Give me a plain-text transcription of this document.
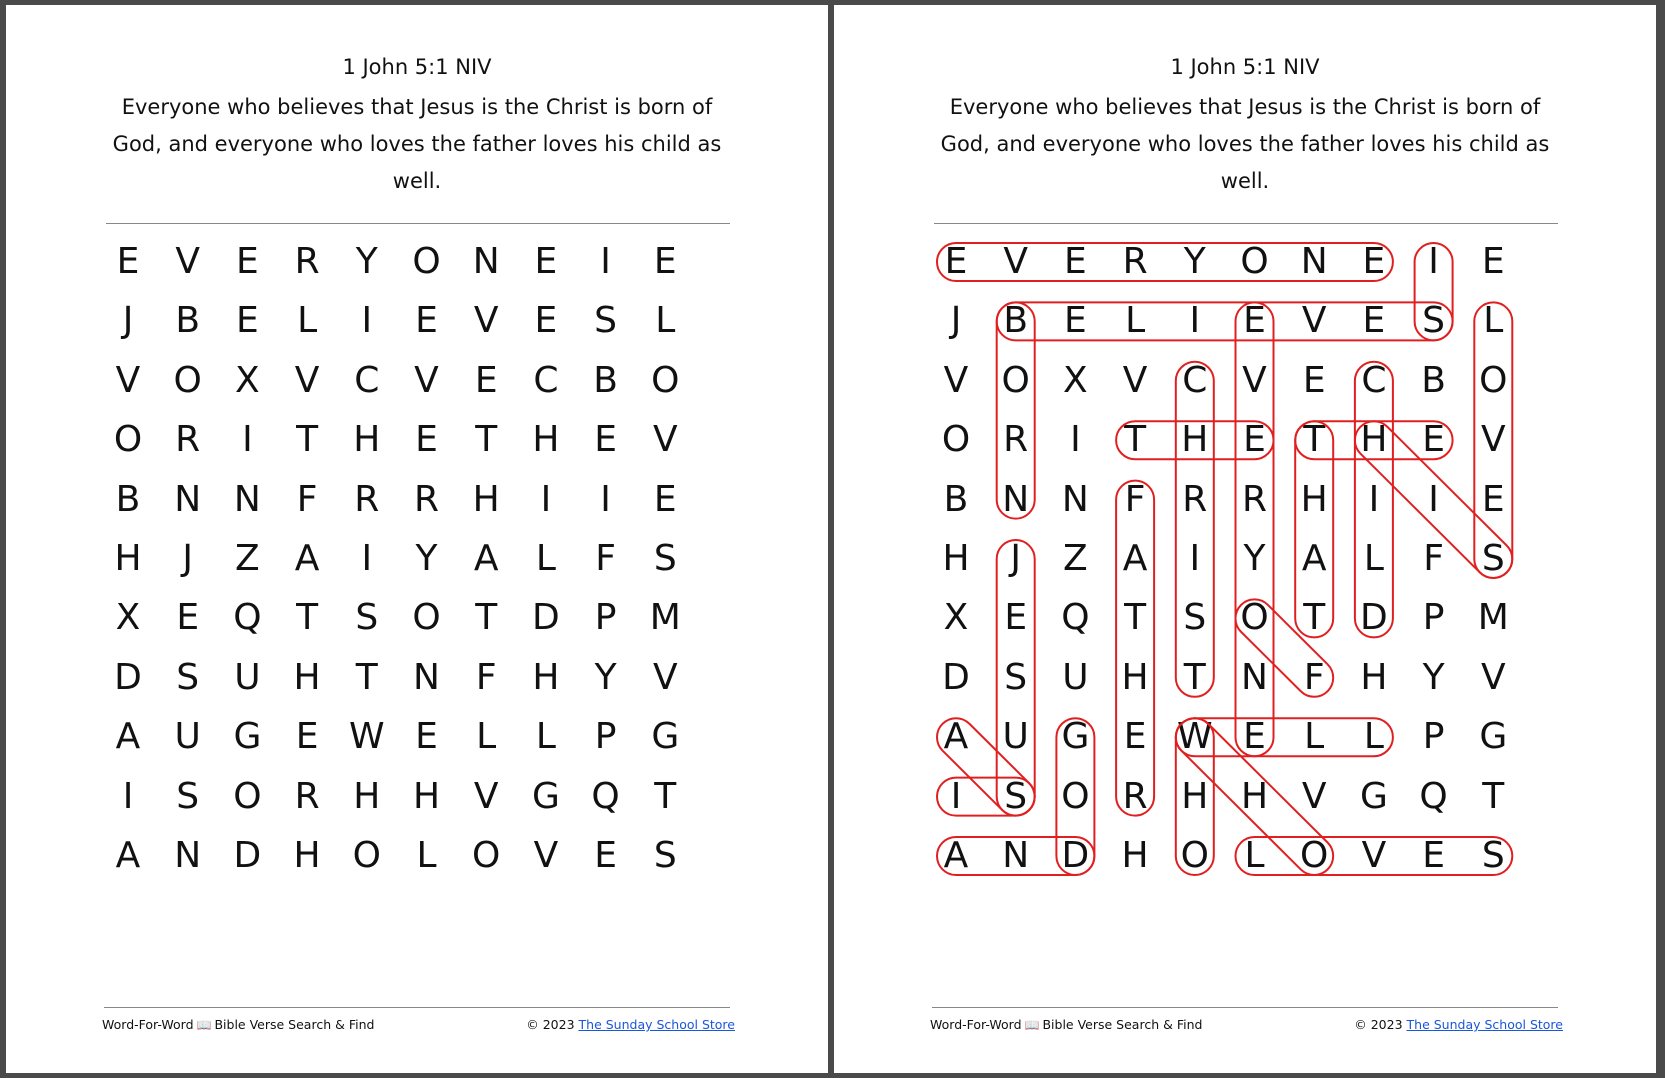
1 John 5:1 NIV
Everyone who believes that Jesus is the Christ is born of God, and everyone who loves the father loves his child as well.
E V	E R	Y O N E	I	E
J	B E	L	I	E V	E	S	L
V O X V C V	E C B O
O R	I	T H E	T H E	V
B N N F	R R H	I	I	E
H	J	Z A	I	Y	A	L	F	S
X E Q T	S O T D P M
D S U H T N F H Y	V
A U G E W E	L	L	P G
I	S O R H H V G Q T
A N D H O L O V	E	S
Word-For-Word 📖 Bible Verse Search & Find	© 2023 The Sunday School Store
1 John 5:1 NIV
Everyone who believes that Jesus is the Christ is born of God, and everyone who loves the father loves his child as well.
E V	E R	Y O N E	I	E
J	B E	L	I	E V	E	S	L
V O X V C V	E C B O
O R	I	T H E	T H E	V
B N N F	R R H	I	I	E
H	J	Z A	I	Y	A	L	F	S
X E Q T	S O T D P M
D S U H T N F H Y	V
A U G E W E	L	L	P G
I	S O R H H V G Q T
A N D H O L O V	E	S
Word-For-Word 📖 Bible Verse Search & Find	© 2023 The Sunday School Store
